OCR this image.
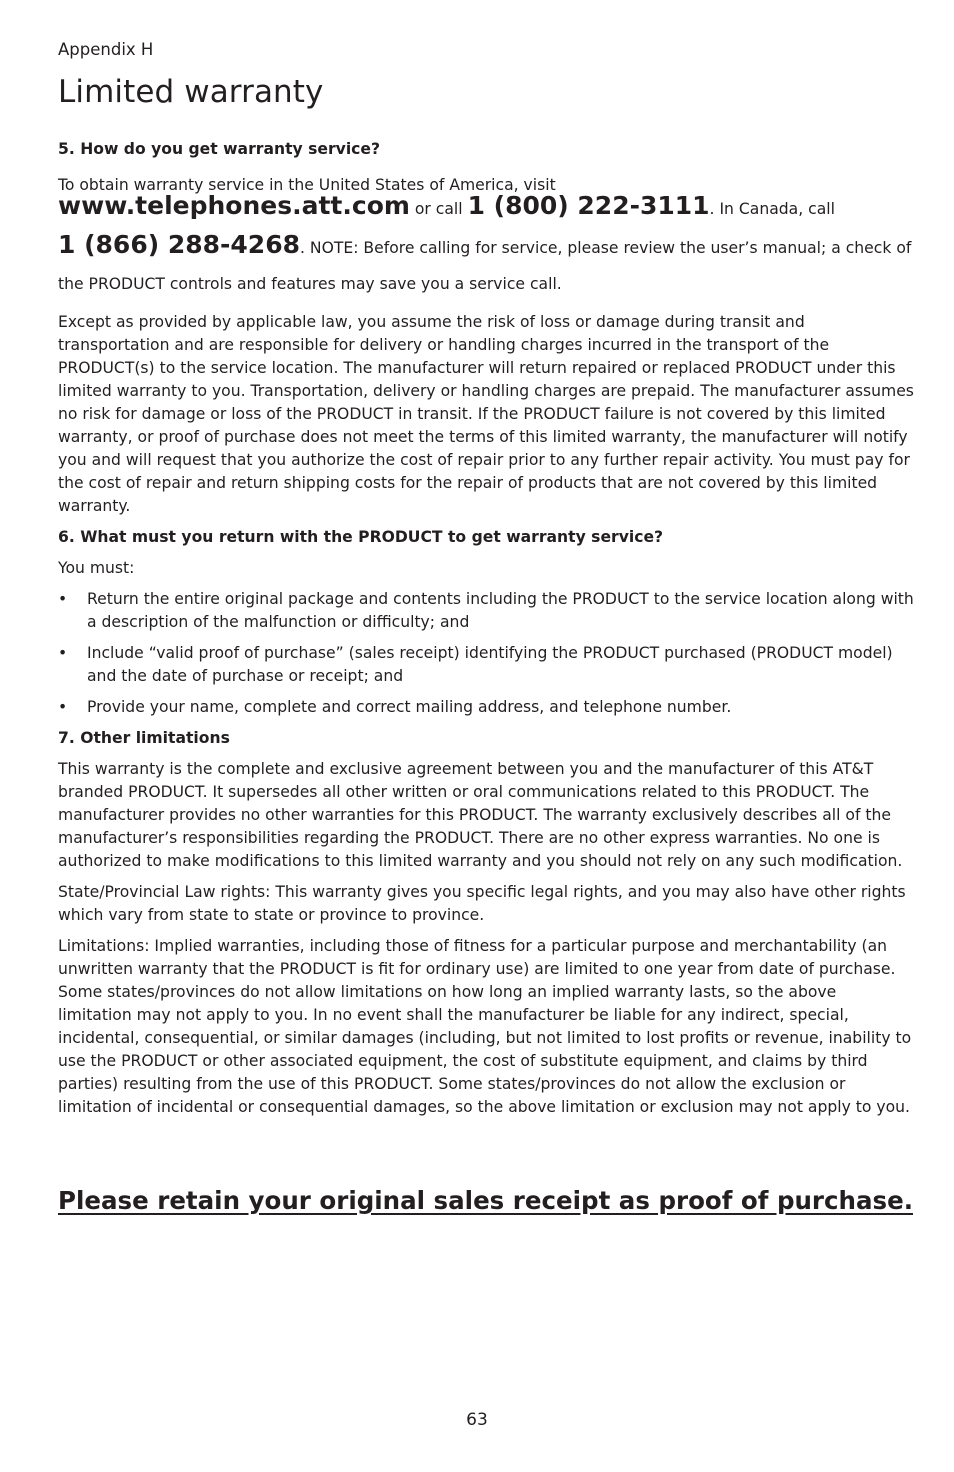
Appendix H
Limited warranty
5. How do you get warranty service?

To obtain warranty service in the United States of America, visit

www.telephones.att.com or call 1 (800) 222-3111. In Canada, call
1 (866) 288-4268. NOTE: Before calling for service, please review the user’s manual; a check of the PRODUCT controls and features may save you a service call.

Except as provided by applicable law, you assume the risk of loss or damage during transit and transportation and are responsible for delivery or handling charges incurred in the transport of the PRODUCT(s) to the service location. The manufacturer will return repaired or replaced PRODUCT under this limited warranty to you. Transportation, delivery or handling charges are prepaid. The manufacturer assumes no risk for damage or loss of the PRODUCT in transit. If the PRODUCT failure is not covered by this limited warranty, or proof of purchase does not meet the terms of this limited warranty, the manufacturer will notify you and will request that you authorize the cost of repair prior to any further repair activity. You must pay for the cost of repair and return shipping costs for the repair of products that are not covered by this limited warranty.

6. What must you return with the PRODUCT to get warranty service?

You must:

• Return the entire original package and contents including the PRODUCT to the service location along with a description of the malfunction or difficulty; and
• Include “valid proof of purchase” (sales receipt) identifying the PRODUCT purchased (PRODUCT model) and the date of purchase or receipt; and
• Provide your name, complete and correct mailing address, and telephone number.
7. Other limitations

This warranty is the complete and exclusive agreement between you and the manufacturer of this AT&T branded PRODUCT. It supersedes all other written or oral communications related to this PRODUCT. The manufacturer provides no other warranties for this PRODUCT. The warranty exclusively describes all of the manufacturer’s responsibilities regarding the PRODUCT. There are no other express warranties. No one is authorized to make modifications to this limited warranty and you should not rely on any such modification.

State/Provincial Law rights: This warranty gives you specific legal rights, and you may also have other rights which vary from state to state or province to province.

Limitations: Implied warranties, including those of fitness for a particular purpose and merchantability (an unwritten warranty that the PRODUCT is fit for ordinary use) are limited to one year from date of purchase. Some states/provinces do not allow limitations on how long an implied warranty lasts, so the above limitation may not apply to you. In no event shall the manufacturer be liable for any indirect, special, incidental, consequential, or similar damages (including, but not limited to lost profits or revenue, inability to use the PRODUCT or other associated equipment, the cost of substitute equipment, and claims by third parties) resulting from the use of this PRODUCT. Some states/provinces do not allow the exclusion or limitation of incidental or consequential damages, so the above limitation or exclusion may not apply to you.

Please retain your original sales receipt as proof of purchase.

63
